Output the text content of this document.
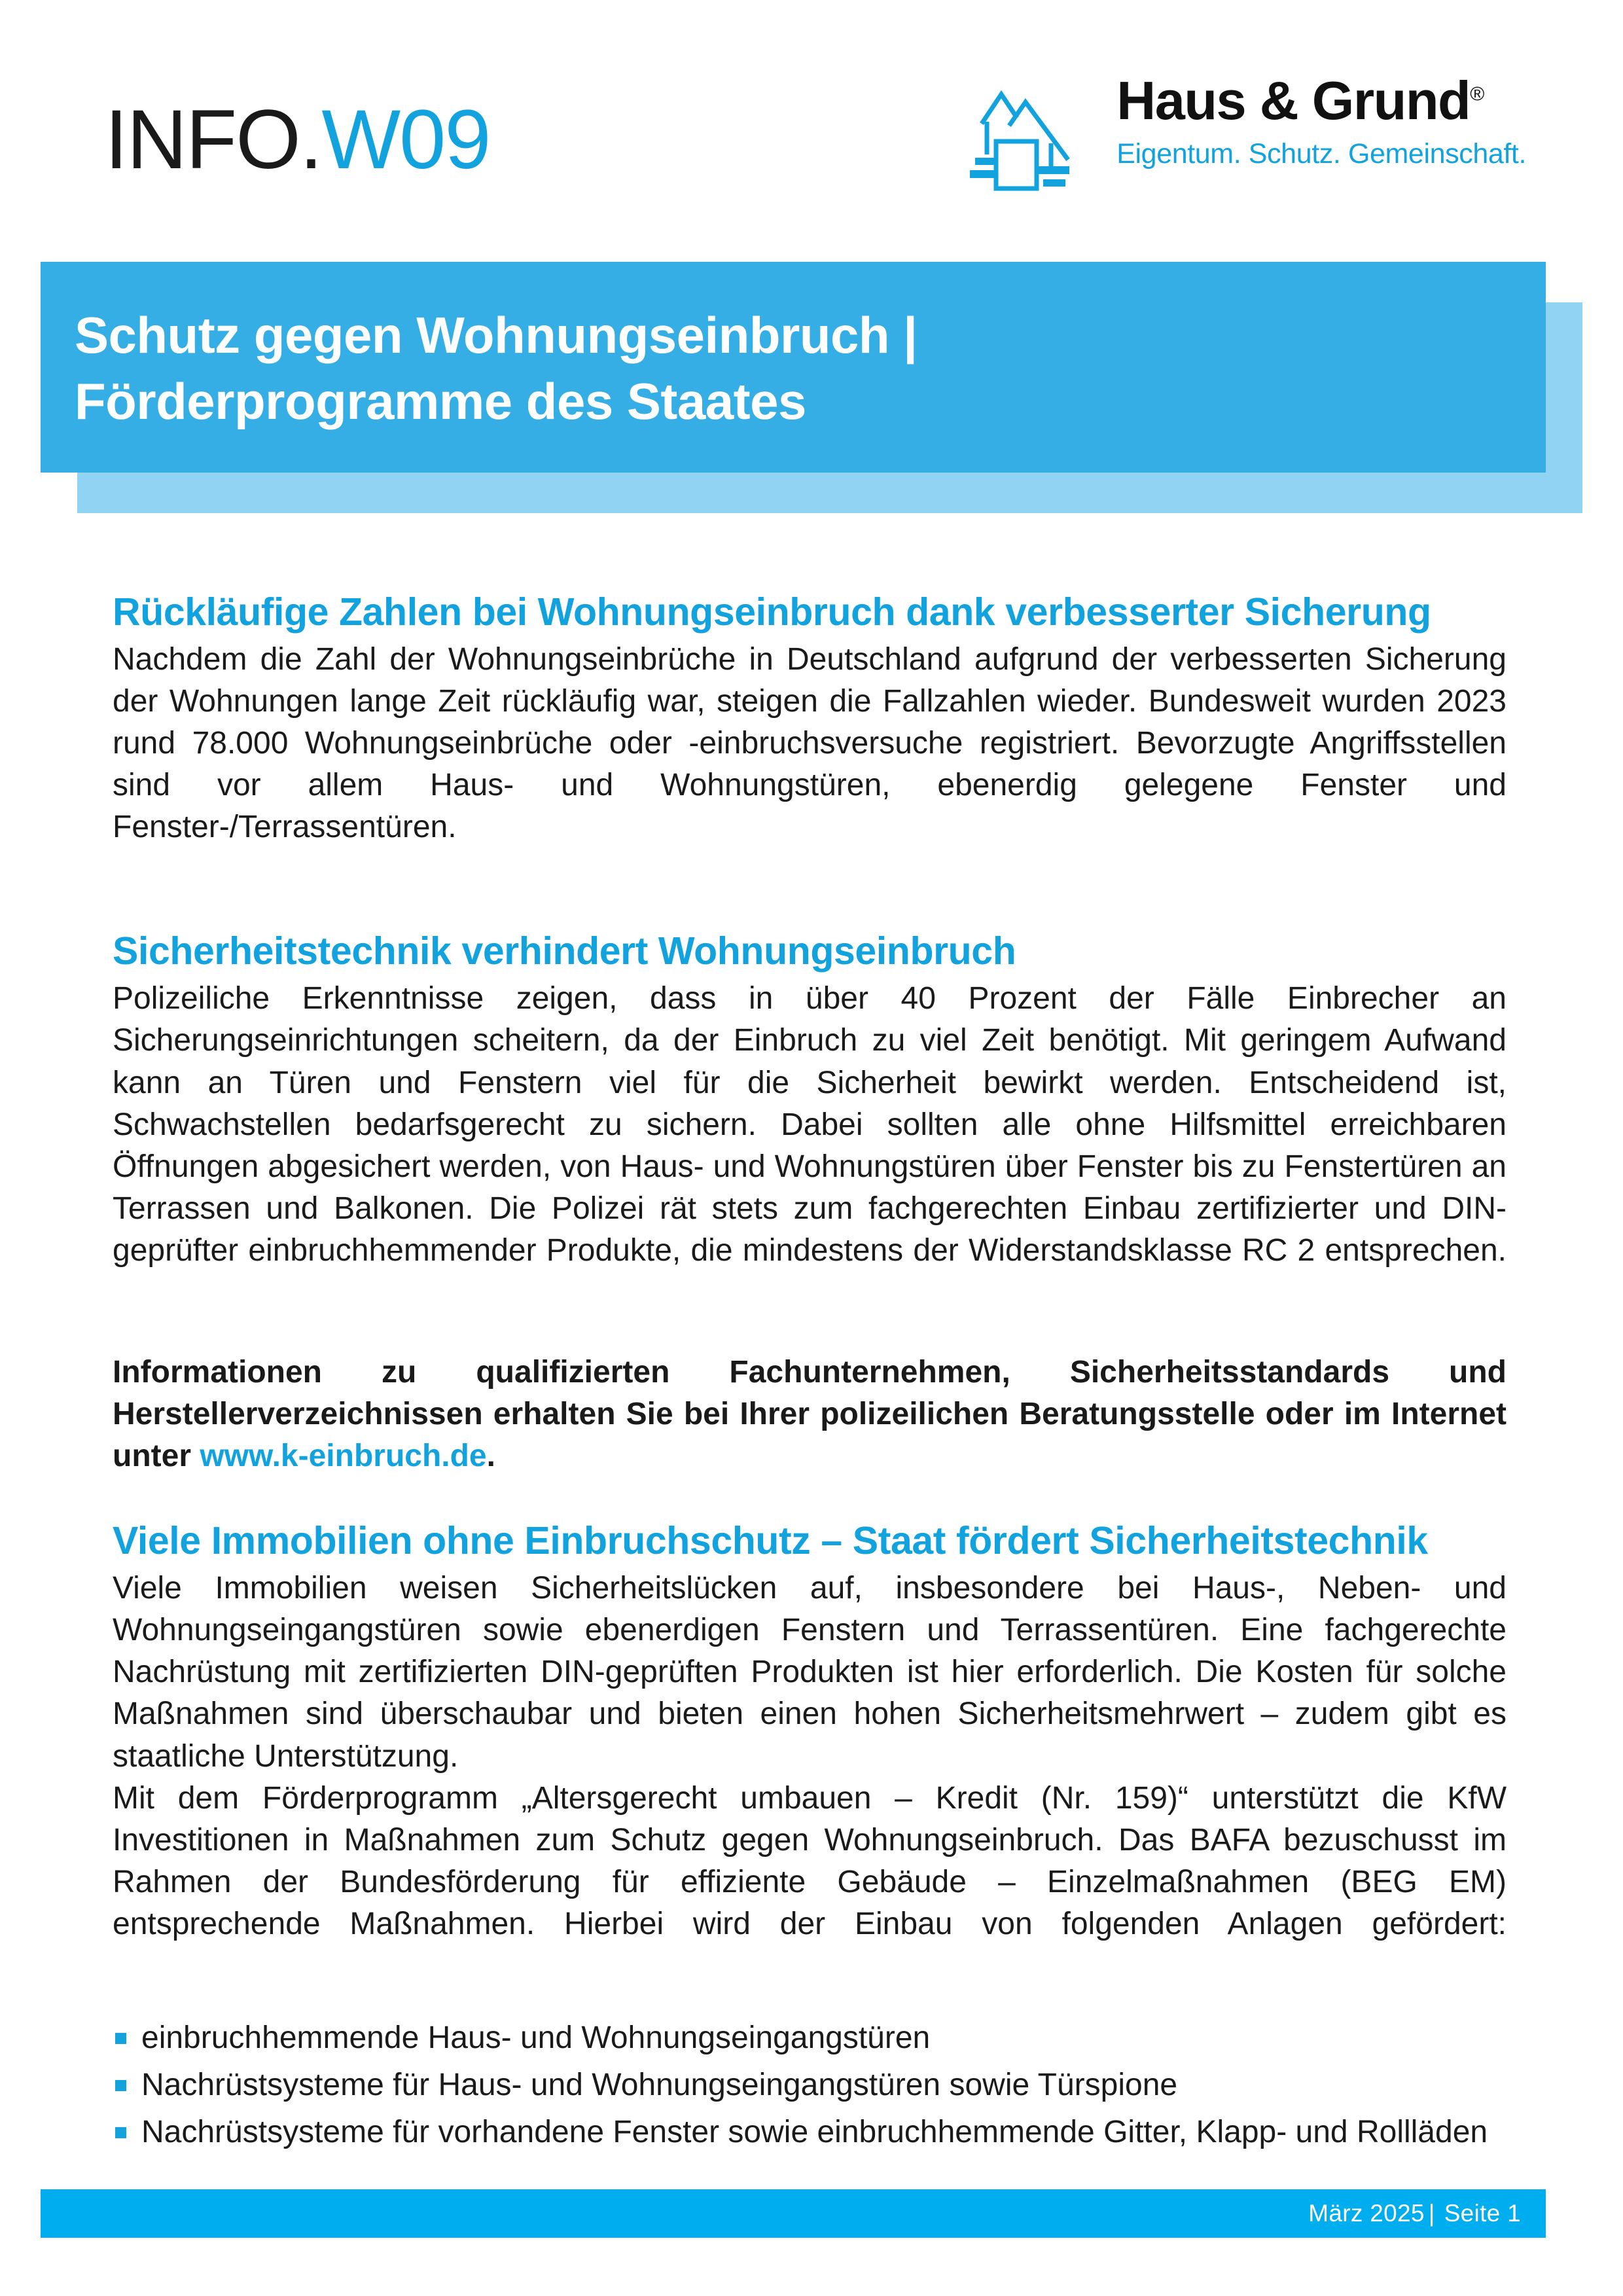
INFO.W09	Haus & Grund®
Eigentum. Schutz. Gemeinschaft.
Schutz gegen Wohnungseinbruch |
Förderprogramme des Staates
Rückläufige Zahlen bei Wohnungseinbruch dank verbesserter Sicherung

Nachdem die Zahl der Wohnungseinbrüche in Deutschland aufgrund der verbesserten Sicherung der Wohnungen lange Zeit rückläufig war, steigen die Fallzahlen wieder. Bundesweit wurden 2023 rund 78.000 Wohnungseinbrüche oder -einbruchsversuche registriert. Bevorzugte Angriffsstellen sind vor allem Haus- und Wohnungstüren, ebenerdig gelegene Fenster und Fenster-/Terrassentüren.

Sicherheitstechnik verhindert Wohnungseinbruch

Polizeiliche Erkenntnisse zeigen, dass in über 40 Prozent der Fälle Einbrecher an Sicherungseinrichtungen scheitern, da der Einbruch zu viel Zeit benötigt. Mit geringem Aufwand kann an Türen und Fenstern viel für die Sicherheit bewirkt werden. Entscheidend ist, Schwachstellen bedarfsgerecht zu sichern. Dabei sollten alle ohne Hilfsmittel erreichbaren Öffnungen abgesichert werden, von Haus- und Wohnungstüren über Fenster bis zu Fenstertüren an Terrassen und Balkonen. Die Polizei rät stets zum fachgerechten Einbau zertifizierter und DIN-geprüfter einbruchhemmender Produkte, die mindestens der Widerstandsklasse RC 2 entsprechen.

Informationen zu qualifizierten Fachunternehmen, Sicherheitsstandards und Herstellerverzeichnissen erhalten Sie bei Ihrer polizeilichen Beratungsstelle oder im Internet unter www.k-einbruch.de.

Viele Immobilien ohne Einbruchschutz – Staat fördert Sicherheitstechnik

Viele Immobilien weisen Sicherheitslücken auf, insbesondere bei Haus-, Neben- und Wohnungseingangstüren sowie ebenerdigen Fenstern und Terrassentüren. Eine fachgerechte Nachrüstung mit zertifizierten DIN-geprüften Produkten ist hier erforderlich. Die Kosten für solche Maßnahmen sind überschaubar und bieten einen hohen Sicherheitsmehrwert – zudem gibt es staatliche Unterstützung.

Mit dem Förderprogramm „Altersgerecht umbauen – Kredit (Nr. 159)“ unterstützt die KfW Investitionen in Maßnahmen zum Schutz gegen Wohnungseinbruch. Das BAFA bezuschusst im Rahmen der Bundesförderung für effiziente Gebäude – Einzelmaßnahmen (BEG EM) entsprechende Maßnahmen. Hierbei wird der Einbau von folgenden Anlagen gefördert:

einbruchhemmende Haus- und Wohnungseingangstüren
Nachrüstsysteme für Haus- und Wohnungseingangstüren sowie Türspione
Nachrüstsysteme für vorhandene Fenster sowie einbruchhemmende Gitter, Klapp- und Rollläden
März 2025 | Seite 1
